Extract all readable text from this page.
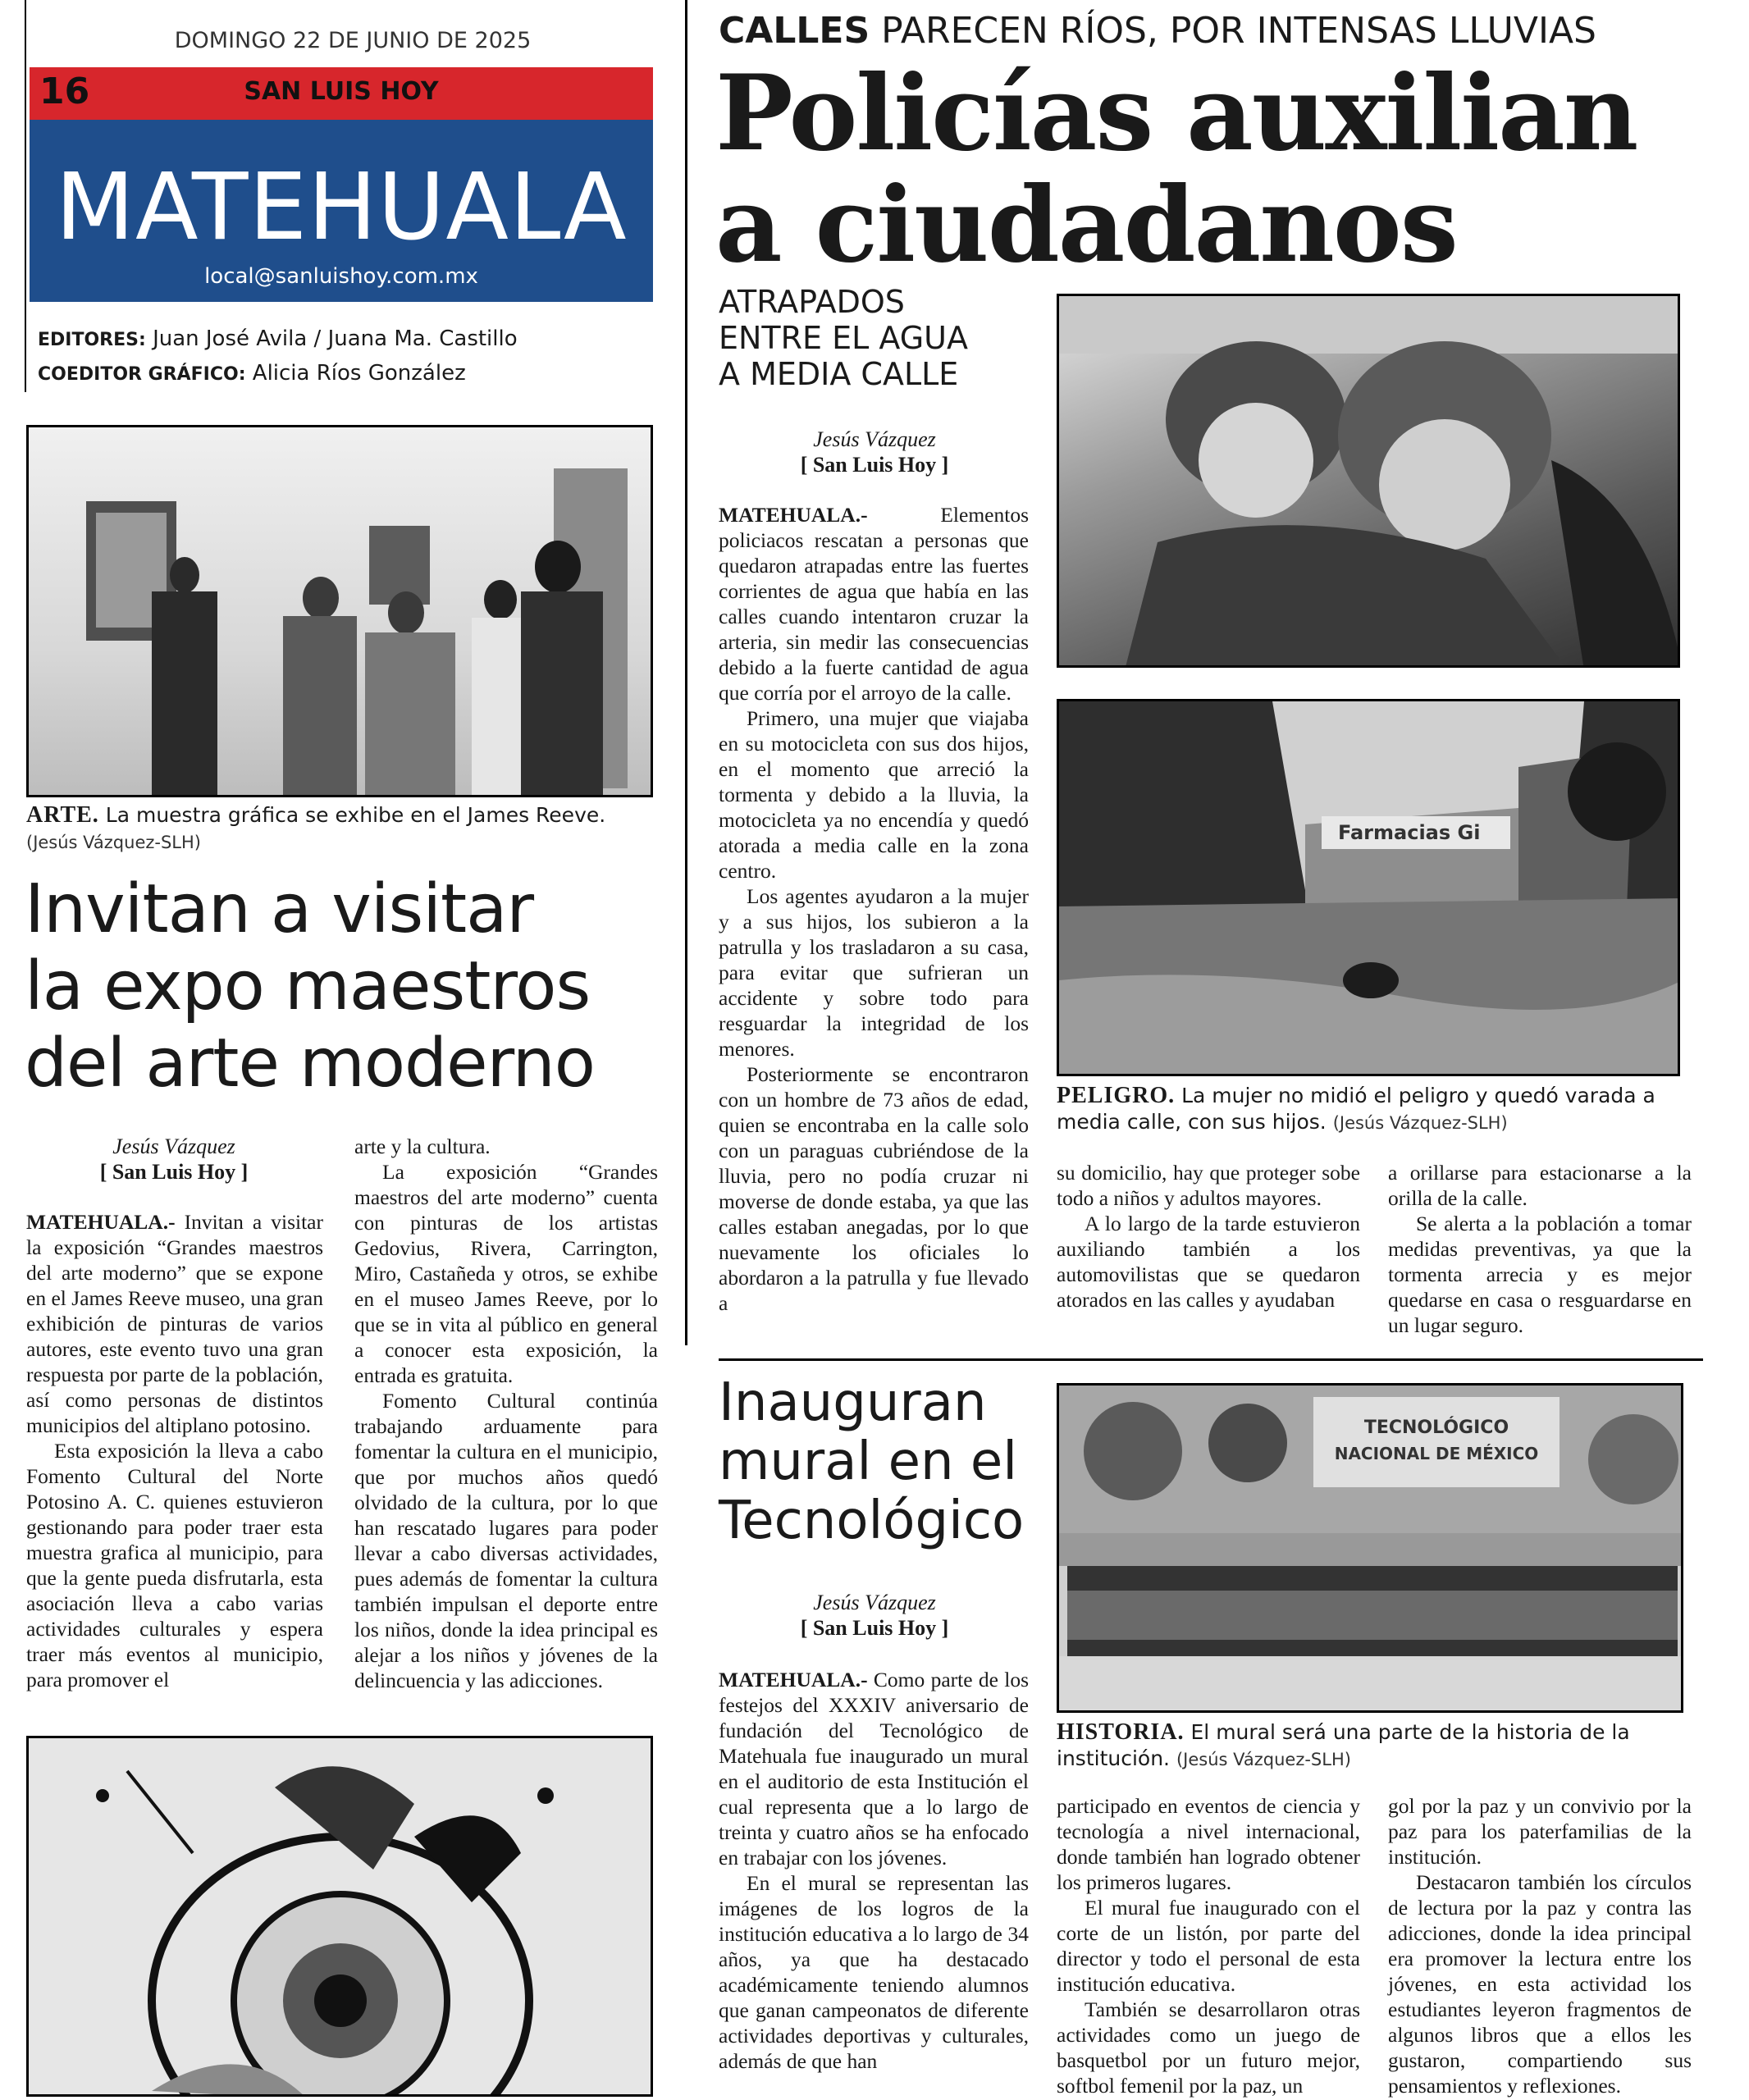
DOMINGO 22 DE JUNIO DE 2025
16	SAN LUIS HOY
MATEHUALA
local@sanluishoy.com.mx
EDITORES: Juan José Avila / Juana Ma. Castillo
COEDITOR GRÁFICO: Alicia Ríos González
CALLES PARECEN RÍOS, POR INTENSAS LLUVIAS
Policías auxilian
a ciudadanos
ATRAPADOS
ENTRE EL AGUA
A MEDIA CALLE
Jesús Vázquez
[ San Luis Hoy ]

MATEHUALA.-	Elementos policiacos rescatan a personas que quedaron atrapadas entre las fuertes corrientes de agua que había en las calles cuando intentaron cruzar la arteria, sin medir las consecuencias debido a la fuerte cantidad de agua que corría por el arroyo de la calle.

Primero, una mujer que viajaba en su motocicleta con sus dos hijos, en el momento que arreció la tormenta y debido a la lluvia, la motocicleta ya no encendía y quedó atorada a media calle en la zona centro.

Los agentes ayudaron a la mujer y a sus hijos, los subieron a la patrulla y los trasladaron a su casa, para evitar que sufrieran un accidente y sobre todo para resguardar la integridad de los menores.

Posteriormente se encontraron con un hombre de 73 años de edad, quien se encontraba en la calle solo con un paraguas cubriéndose de la lluvia, pero no podía cruzar ni moverse de donde estaba, ya que las calles estaban anegadas, por lo que nuevamente los oficiales lo abordaron a la patrulla y fue llevado a

Farmacias Gi
PELIGRO. La mujer no midió el peligro y quedó varada a media calle, con sus hijos. (Jesús Vázquez-SLH)

su domicilio, hay que proteger sobe todo a niños y adultos mayores.

A lo largo de la tarde estuvieron auxiliando también a los automovilistas que se quedaron atorados en las calles y ayudaban

a orillarse para estacionarse a la orilla de la calle.

Se alerta a la población a tomar medidas preventivas, ya que la tormenta arrecia y es mejor quedarse en casa o resguardarse en un lugar seguro.

ARTE. La muestra gráfica se exhibe en el James Reeve. (Jesús Vázquez-SLH)
Invitan a visitar
la expo maestros
del arte moderno
Jesús Vázquez
[ San Luis Hoy ]

MATEHUALA.- Invitan a visitar la exposición “Grandes maestros del arte moderno” que se expone en el James Reeve museo, una gran exhibición de pinturas de varios autores, este evento tuvo una gran respuesta por parte de la población, así como personas de distintos municipios del altiplano potosino.

Esta exposición la lleva a cabo Fomento Cultural del Norte Potosino A. C. quienes estuvieron gestionando para poder traer esta muestra grafica al municipio, para que la gente pueda disfrutarla, esta asociación lleva a cabo varias actividades culturales y espera traer más eventos al municipio, para promover el

arte y la cultura.

La exposición “Grandes maestros del arte moderno” cuenta con pinturas de los artistas Gedovius, Rivera, Carrington, Miro, Castañeda y otros, se exhibe en el museo James Reeve, por lo que se in vita al público en general a conocer esta exposición, la entrada es gratuita.

Fomento Cultural continúa trabajando arduamente para fomentar la cultura en el municipio, que por muchos años quedó olvidado de la cultura, por lo que han rescatado lugares para poder llevar a cabo diversas actividades, pues además de fomentar la cultura también impulsan el deporte entre los niños, donde la idea principal es alejar a los niños y jóvenes de la delincuencia y las adicciones.

Inauguran
mural en el
Tecnológico
TECNOLÓGICO
NACIONAL DE MÉXICO
HISTORIA. El mural será una parte de la historia de la institución. (Jesús Vázquez-SLH)
Jesús Vázquez
[ San Luis Hoy ]

MATEHUALA.- Como parte de los festejos del XXXIV aniversario de fundación del Tecnológico de Matehuala fue inaugurado un mural en el auditorio de esta Institución el cual representa que a lo largo de treinta y cuatro años se ha enfocado en trabajar con los jóvenes.

En el mural se representan las imágenes de los logros de la institución educativa a lo largo de 34 años, ya que ha destacado académicamente teniendo alumnos que ganan campeonatos de diferente actividades deportivas y culturales, además de que han

participado en eventos de ciencia y tecnología a nivel internacional, donde también han logrado obtener los primeros lugares.

El mural fue inaugurado con el corte de un listón, por parte del director y todo el personal de esta institución educativa.

También se desarrollaron otras actividades como un juego de basquetbol por un futuro mejor, softbol femenil por la paz, un

gol por la paz y un convivio por la paz para los paterfamilias de la institución.

Destacaron también los círculos de lectura por la paz y contra las adicciones, donde la idea principal era promover la lectura entre los jóvenes, en esta actividad los estudiantes leyeron fragmentos de algunos libros que a ellos les gustaron, compartiendo sus pensamientos y reflexiones.
